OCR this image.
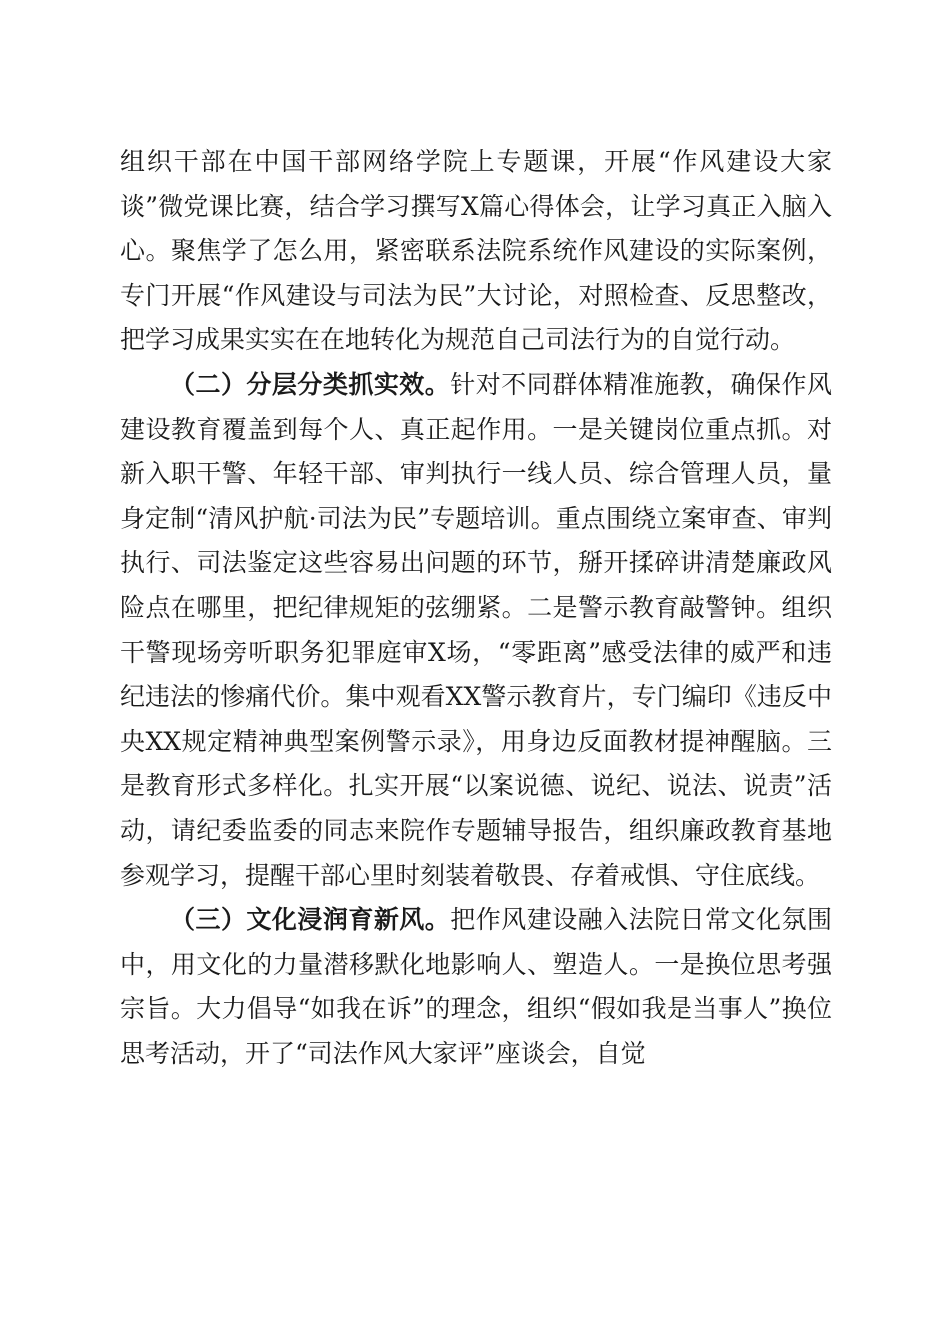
组织干部在中国干部网络学院上专题课，开展“作风建设大家谈”微党课比赛，结合学习撰写X篇心得体会，让学习真正入脑入心。聚焦学了怎么用，紧密联系法院系统作风建设的实际案例，专门开展“作风建设与司法为民”大讨论，对照检查、反思整改，把学习成果实实在在地转化为规范自己司法行为的自觉行动。

（二）分层分类抓实效。针对不同群体精准施教，确保作风建设教育覆盖到每个人、真正起作用。一是关键岗位重点抓。对新入职干警、年轻干部、审判执行一线人员、综合管理人员，量身定制“清风护航·司法为民”专题培训。重点围绕立案审查、审判执行、司法鉴定这些容易出问题的环节，掰开揉碎讲清楚廉政风险点在哪里，把纪律规矩的弦绷紧。二是警示教育敲警钟。组织干警现场旁听职务犯罪庭审X场，“零距离”感受法律的威严和违纪违法的惨痛代价。集中观看XX警示教育片，专门编印《违反中央XX规定精神典型案例警示录》，用身边反面教材提神醒脑。三是教育形式多样化。扎实开展“以案说德、说纪、说法、说责”活动，请纪委监委的同志来院作专题辅导报告，组织廉政教育基地参观学习，提醒干部心里时刻装着敬畏、存着戒惧、守住底线。

（三）文化浸润育新风。把作风建设融入法院日常文化氛围中，用文化的力量潜移默化地影响人、塑造人。一是换位思考强宗旨。大力倡导“如我在诉”的理念，组织“假如我是当事人”换位思考活动，开了“司法作风大家评”座谈会，自觉
